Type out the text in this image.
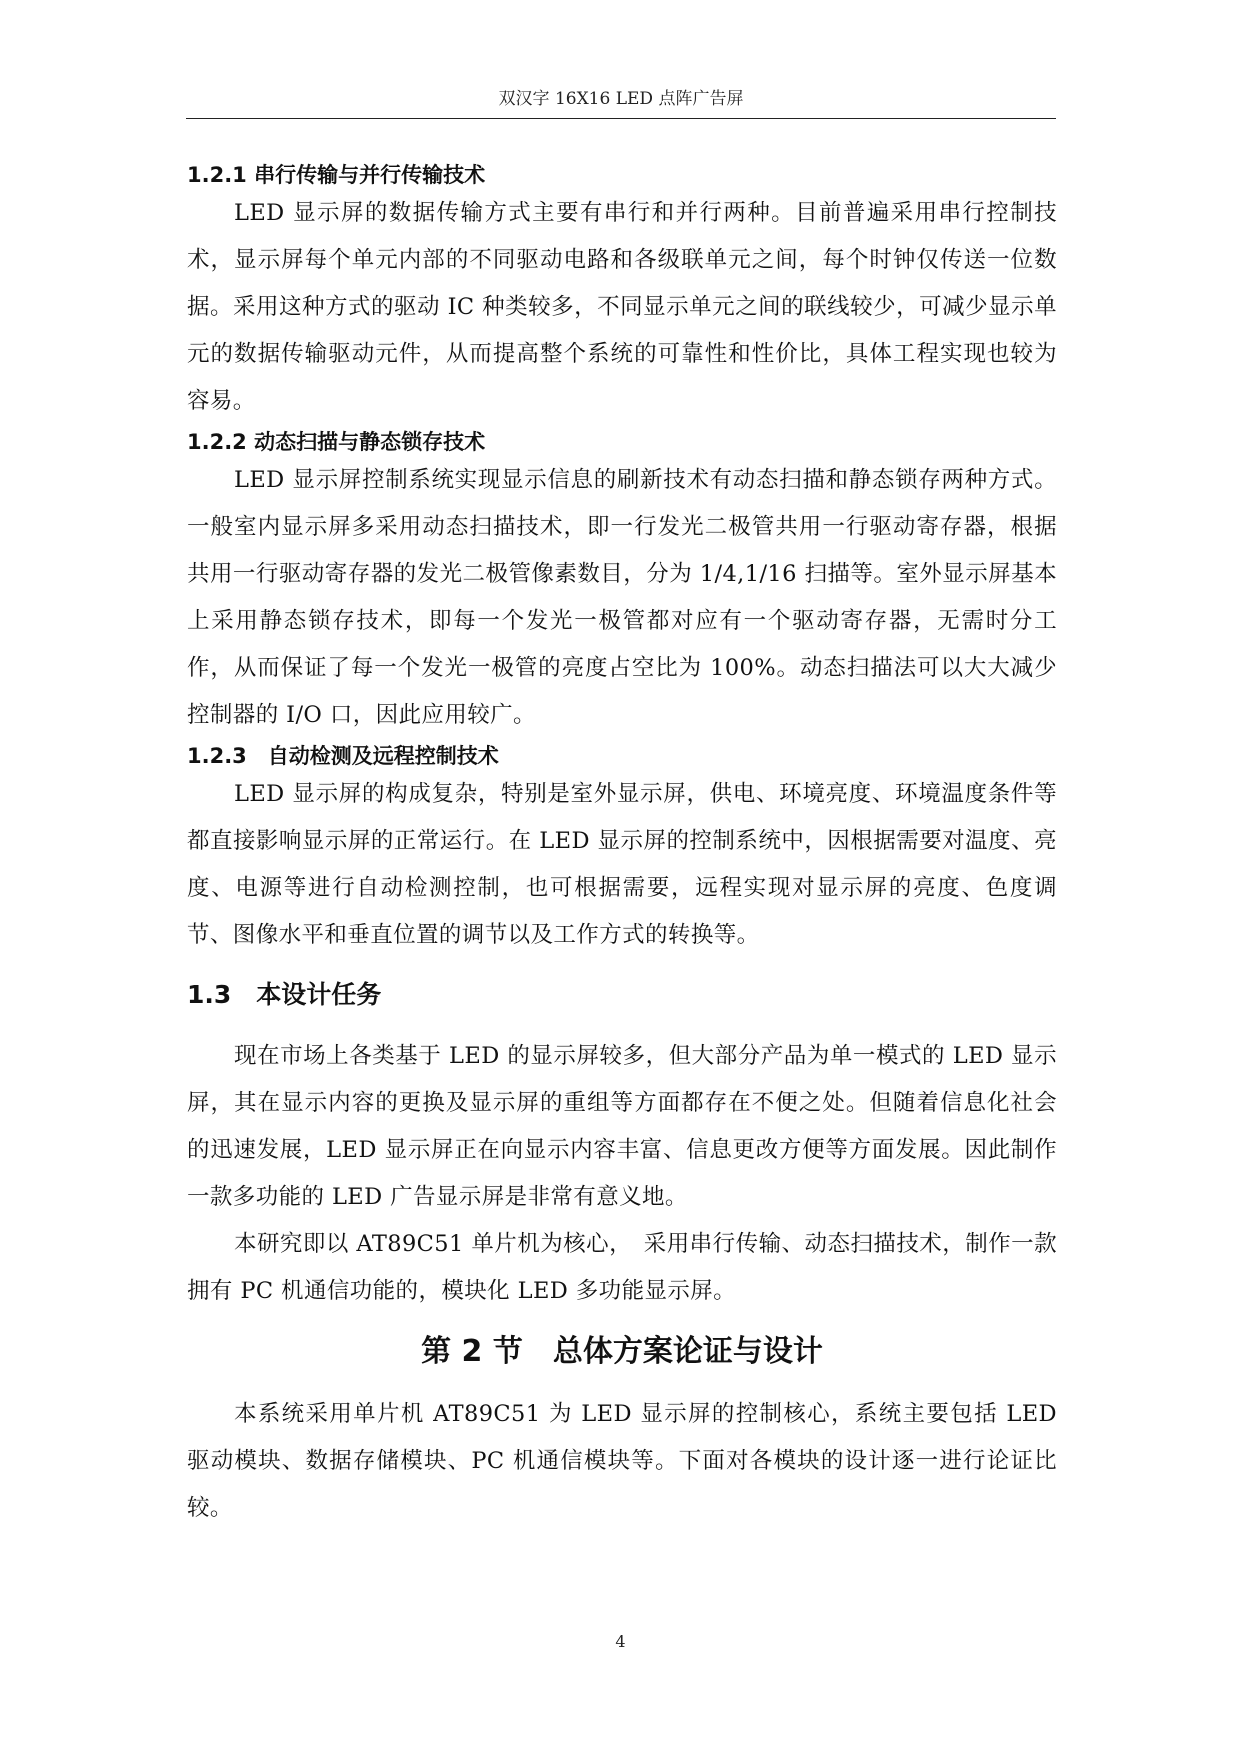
双汉字 16X16 LED 点阵广告屏
1.2.1 串行传输与并行传输技术

LED 显示屏的数据传输方式主要有串行和并行两种。目前普遍采用串行控制技术，显示屏每个单元内部的不同驱动电路和各级联单元之间，每个时钟仅传送一位数据。采用这种方式的驱动 IC 种类较多，不同显示单元之间的联线较少，可减少显示单元的数据传输驱动元件，从而提高整个系统的可靠性和性价比，具体工程实现也较为容易。

1.2.2 动态扫描与静态锁存技术

LED 显示屏控制系统实现显示信息的刷新技术有动态扫描和静态锁存两种方式。一般室内显示屏多采用动态扫描技术，即一行发光二极管共用一行驱动寄存器，根据共用一行驱动寄存器的发光二极管像素数目，分为 1/4,1/16 扫描等。室外显示屏基本上采用静态锁存技术，即每一个发光一极管都对应有一个驱动寄存器，无需时分工作，从而保证了每一个发光一极管的亮度占空比为 100%。动态扫描法可以大大减少控制器的 I/O 口，因此应用较广。

1.2.3　自动检测及远程控制技术

LED 显示屏的构成复杂，特别是室外显示屏，供电、环境亮度、环境温度条件等都直接影响显示屏的正常运行。在 LED 显示屏的控制系统中，因根据需要对温度、亮度、电源等进行自动检测控制，也可根据需要，远程实现对显示屏的亮度、色度调节、图像水平和垂直位置的调节以及工作方式的转换等。

1.3　本设计任务

现在市场上各类基于 LED 的显示屏较多，但大部分产品为单一模式的 LED 显示屏，其在显示内容的更换及显示屏的重组等方面都存在不便之处。但随着信息化社会的迅速发展，LED 显示屏正在向显示内容丰富、信息更改方便等方面发展。因此制作一款多功能的 LED 广告显示屏是非常有意义地。

本研究即以 AT89C51 单片机为核心，　采用串行传输、动态扫描技术，制作一款拥有 PC 机通信功能的，模块化 LED 多功能显示屏。

第 2 节　总体方案论证与设计

本系统采用单片机 AT89C51 为 LED 显示屏的控制核心，系统主要包括 LED 驱动模块、数据存储模块、PC 机通信模块等。下面对各模块的设计逐一进行论证比较。

4
